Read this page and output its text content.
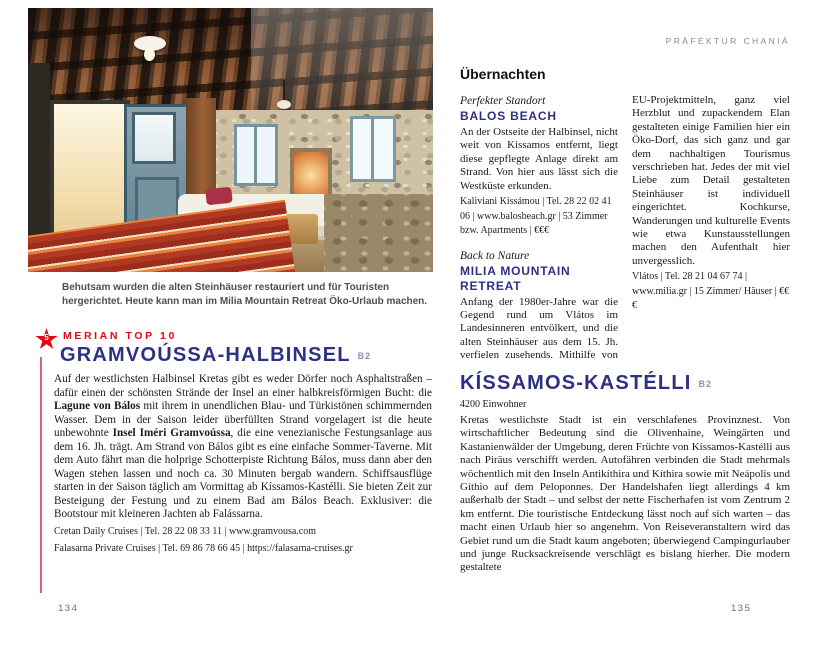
Behutsam wurden die alten Steinhäuser restauriert und für Touristen hergerichtet. Heute kann man im Milia Mountain Retreat Öko-Urlaub machen.
5	MERIAN TOP 10
GRAMVOÚSSA-HALBINSEL B2

Auf der westlichsten Halbinsel Kretas gibt es weder Dörfer noch Asphaltstraßen – dafür einen der schönsten Strände der Insel an einer halbkreisförmigen Bucht: die Lagune von Bálos mit ihrem in unendlichen Blau- und Türkistönen schimmernden Wasser. Dem in der Saison leider überfüllten Strand vorgelagert ist die heute unbewohnte Insel Iméri Gramvoússa, die eine venezianische Festungsanlage aus dem 16. Jh. trägt. Am Strand von Bálos gibt es eine einfache Sommer-Taverne. Mit dem Auto fährt man die holprige Schotterpiste Richtung Bálos, muss dann aber den Wagen stehen lassen und noch ca. 30 Minuten bergab wandern. Schiffsausflüge starten in der Saison täglich am Vormittag ab Kíssamos-Kastélli. Sie bieten Zeit zur Besteigung der Festung und zu einem Bad am Bálos Beach. Exklusiver: die Bootstour mit kleineren Jachten ab Falássarna.

Cretan Daily Cruises | Tel. 28 22 08 33 11 | www.gramvousa.com

Falasarna Private Cruises | Tel. 69 86 78 66 45 | https://falasarna-cruises.gr

134
PRÄFEKTUR CHANIÁ
Übernachten
Perfekter Standort
BALOS BEACH

An der Ostseite der Halbinsel, nicht weit von Kissamos entfernt, liegt diese gepflegte Anlage direkt am Strand. Von hier aus lässt sich die Westküste erkunden.

Kaliviani Kissámou | Tel. 28 22 02 41 06 | www.balosbeach.gr | 53 Zimmer bzw. Apartments | €€€

Back to Nature
MILIA MOUNTAIN RETREAT

Anfang der 1980er-Jahre war die Gegend rund um Vlátos im Landesinneren entvölkert, und die alten Steinhäuser aus dem 15. Jh. verfielen zusehends. Mithilfe von EU-Projektmitteln, ganz viel Herzblut und zupackendem Elan gestalteten einige Familien hier ein Öko-Dorf, das sich ganz und gar dem nachhaltigen Tourismus verschrieben hat. Jedes der mit viel Liebe zum Detail gestalteten Steinhäuser ist individuell eingerichtet. Kochkurse, Wanderungen und kulturelle Events wie etwa Kunstausstellungen machen den Aufenthalt hier unvergesslich.

Vlátos | Tel. 28 21 04 67 74 | www.milia.gr | 15 Zimmer/ Häuser | €€€

KÍSSAMOS-KASTÉLLI B2

4200 Einwohner

Kretas westlichste Stadt ist ein verschlafenes Provinznest. Von wirtschaftlicher Bedeutung sind die Olivenhaine, Weingärten und Kastanienwälder der Umgebung, deren Früchte von Kíssamos-Kastélli aus nach Piräus verschifft werden. Autofähren verbinden die Stadt mehrmals wöchentlich mit den Inseln Antikíthira und Kíthira sowie mit Neápolis und Gíthio auf dem Peloponnes. Der Handelshafen liegt allerdings 4 km außerhalb der Stadt – und selbst der nette Fischerhafen ist vom Zentrum 2 km entfernt. Die touristische Entdeckung lässt noch auf sich warten – das macht einen Urlaub hier so angenehm. Von Reiseveranstaltern wird das Gebiet rund um die Stadt kaum angeboten; überwiegend Campingurlauber und junge Rucksackreisende verschlägt es bislang hierher. Die modern gestaltete

135
